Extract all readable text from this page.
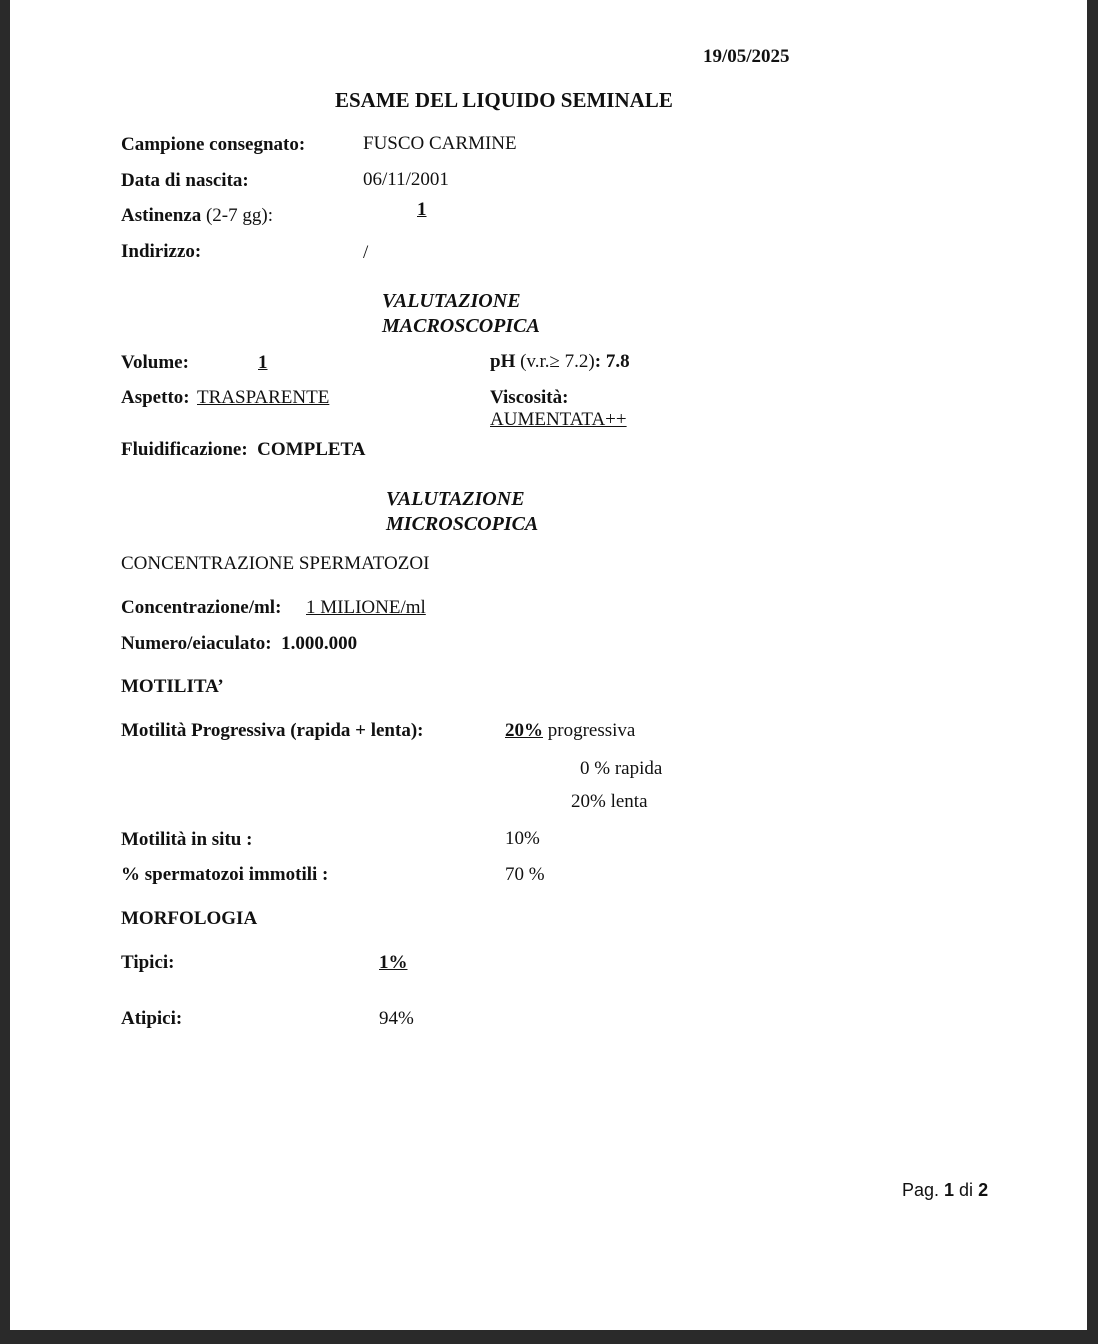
19/05/2025
ESAME DEL LIQUIDO SEMINALE
Campione consegnato:	FUSCO CARMINE
Data di nascita:	06/11/2001
Astinenza (2-7 gg):	1
Indirizzo:	/
VALUTAZIONE
MACROSCOPICA
Volume:	1	pH (v.r.≥ 7.2): 7.8
Aspetto: TRASPARENTE	Viscosità:
AUMENTATA++
Fluidificazione: COMPLETA
VALUTAZIONE
MICROSCOPICA
CONCENTRAZIONE SPERMATOZOI
Concentrazione/ml: 1 MILIONE/ml
Numero/eiaculato: 1.000.000
MOTILITA’
Motilità Progressiva (rapida + lenta):	20% progressiva
0 % rapida
20% lenta
Motilità in situ :	10%
% spermatozoi immotili :	70 %
MORFOLOGIA
Tipici:	1%
Atipici:	94%
Pag. 1 di 2
